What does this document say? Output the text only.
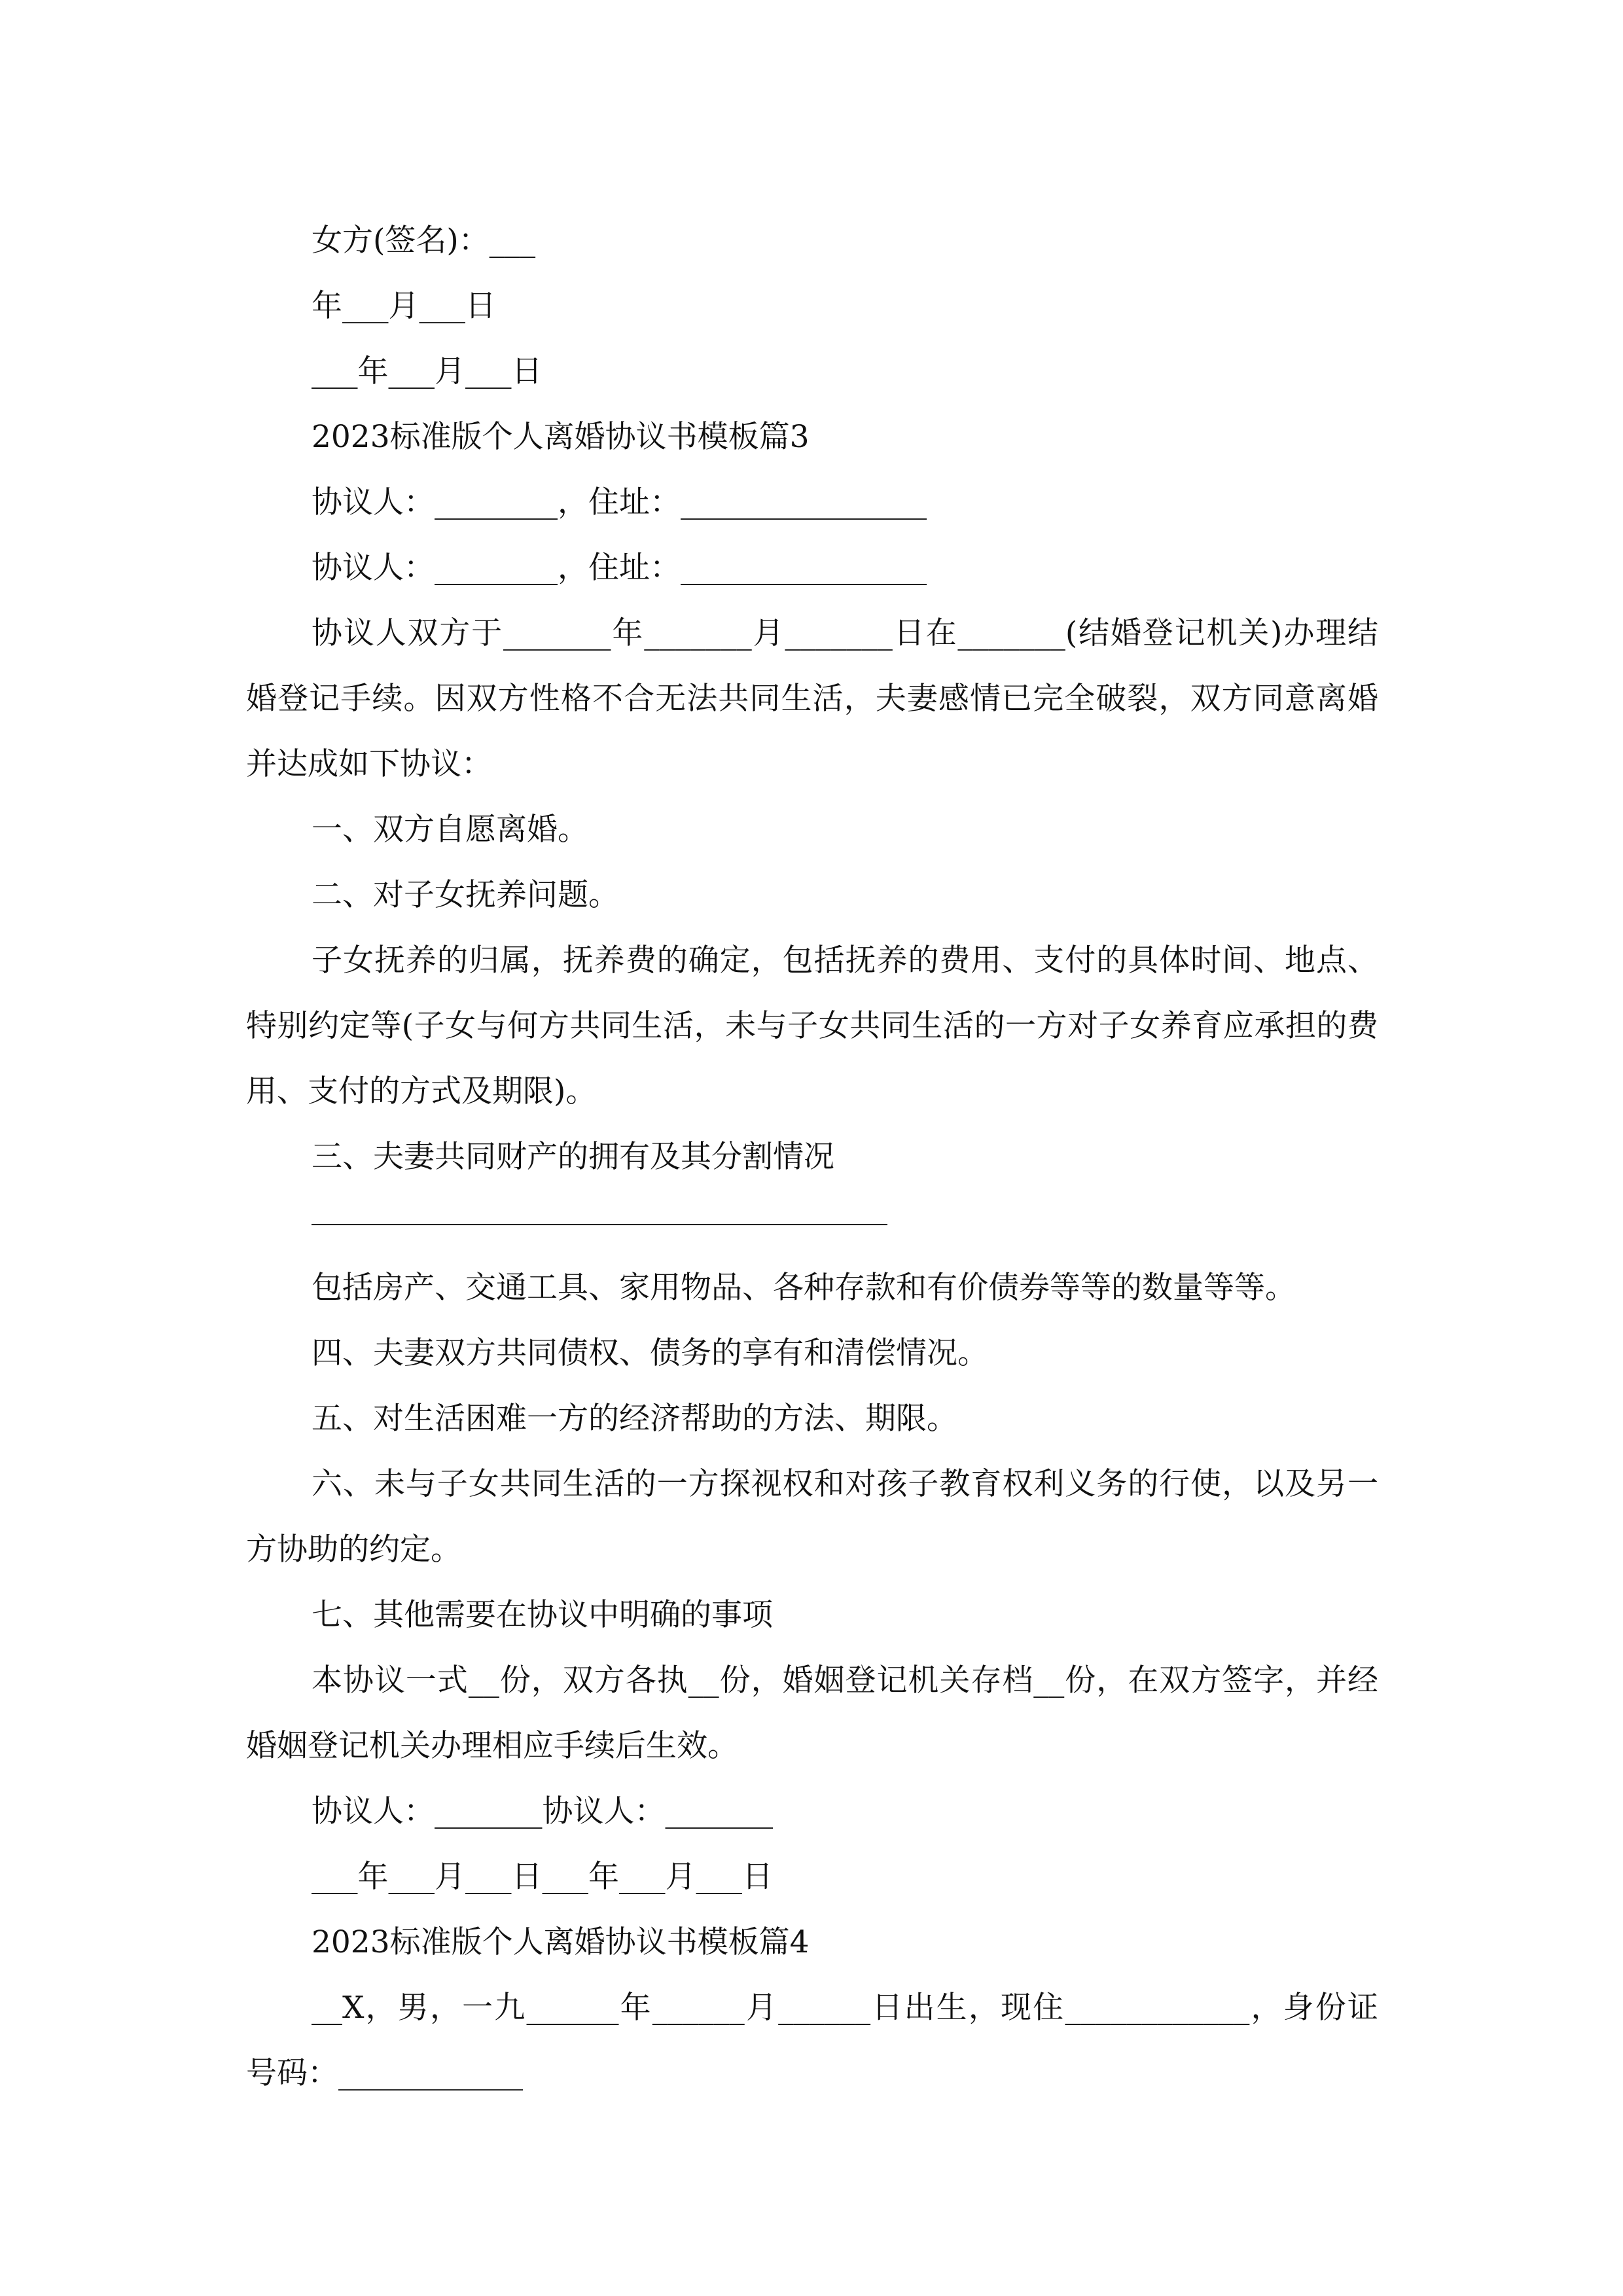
女方(签名)：___

年___月___日

___年___月___日

2023标准版个人离婚协议书模板篇3

协议人：________，住址：________________

协议人：________，住址：________________

协议人双方于_______年_______月_______日在_______(结婚登记机关)办理结婚登记手续。因双方性格不合无法共同生活，夫妻感情已完全破裂，双方同意离婚并达成如下协议：

一、双方自愿离婚。

二、对子女抚养问题。

子女抚养的归属，抚养费的确定，包括抚养的费用、支付的具体时间、地点、特别约定等(子女与何方共同生活，未与子女共同生活的一方对子女养育应承担的费用、支付的方式及期限)。

三、夫妻共同财产的拥有及其分割情况

包括房产、交通工具、家用物品、各种存款和有价债券等等的数量等等。

四、夫妻双方共同债权、债务的享有和清偿情况。

五、对生活困难一方的经济帮助的方法、期限。

六、未与子女共同生活的一方探视权和对孩子教育权利义务的行使，以及另一方协助的约定。

七、其他需要在协议中明确的事项

本协议一式__份，双方各执__份，婚姻登记机关存档__份，在双方签字，并经婚姻登记机关办理相应手续后生效。

协议人：_______协议人：_______

___年___月___日___年___月___日

2023标准版个人离婚协议书模板篇4

__X，男，一九______年______月______日出生，现住____________，身份证号码：____________
